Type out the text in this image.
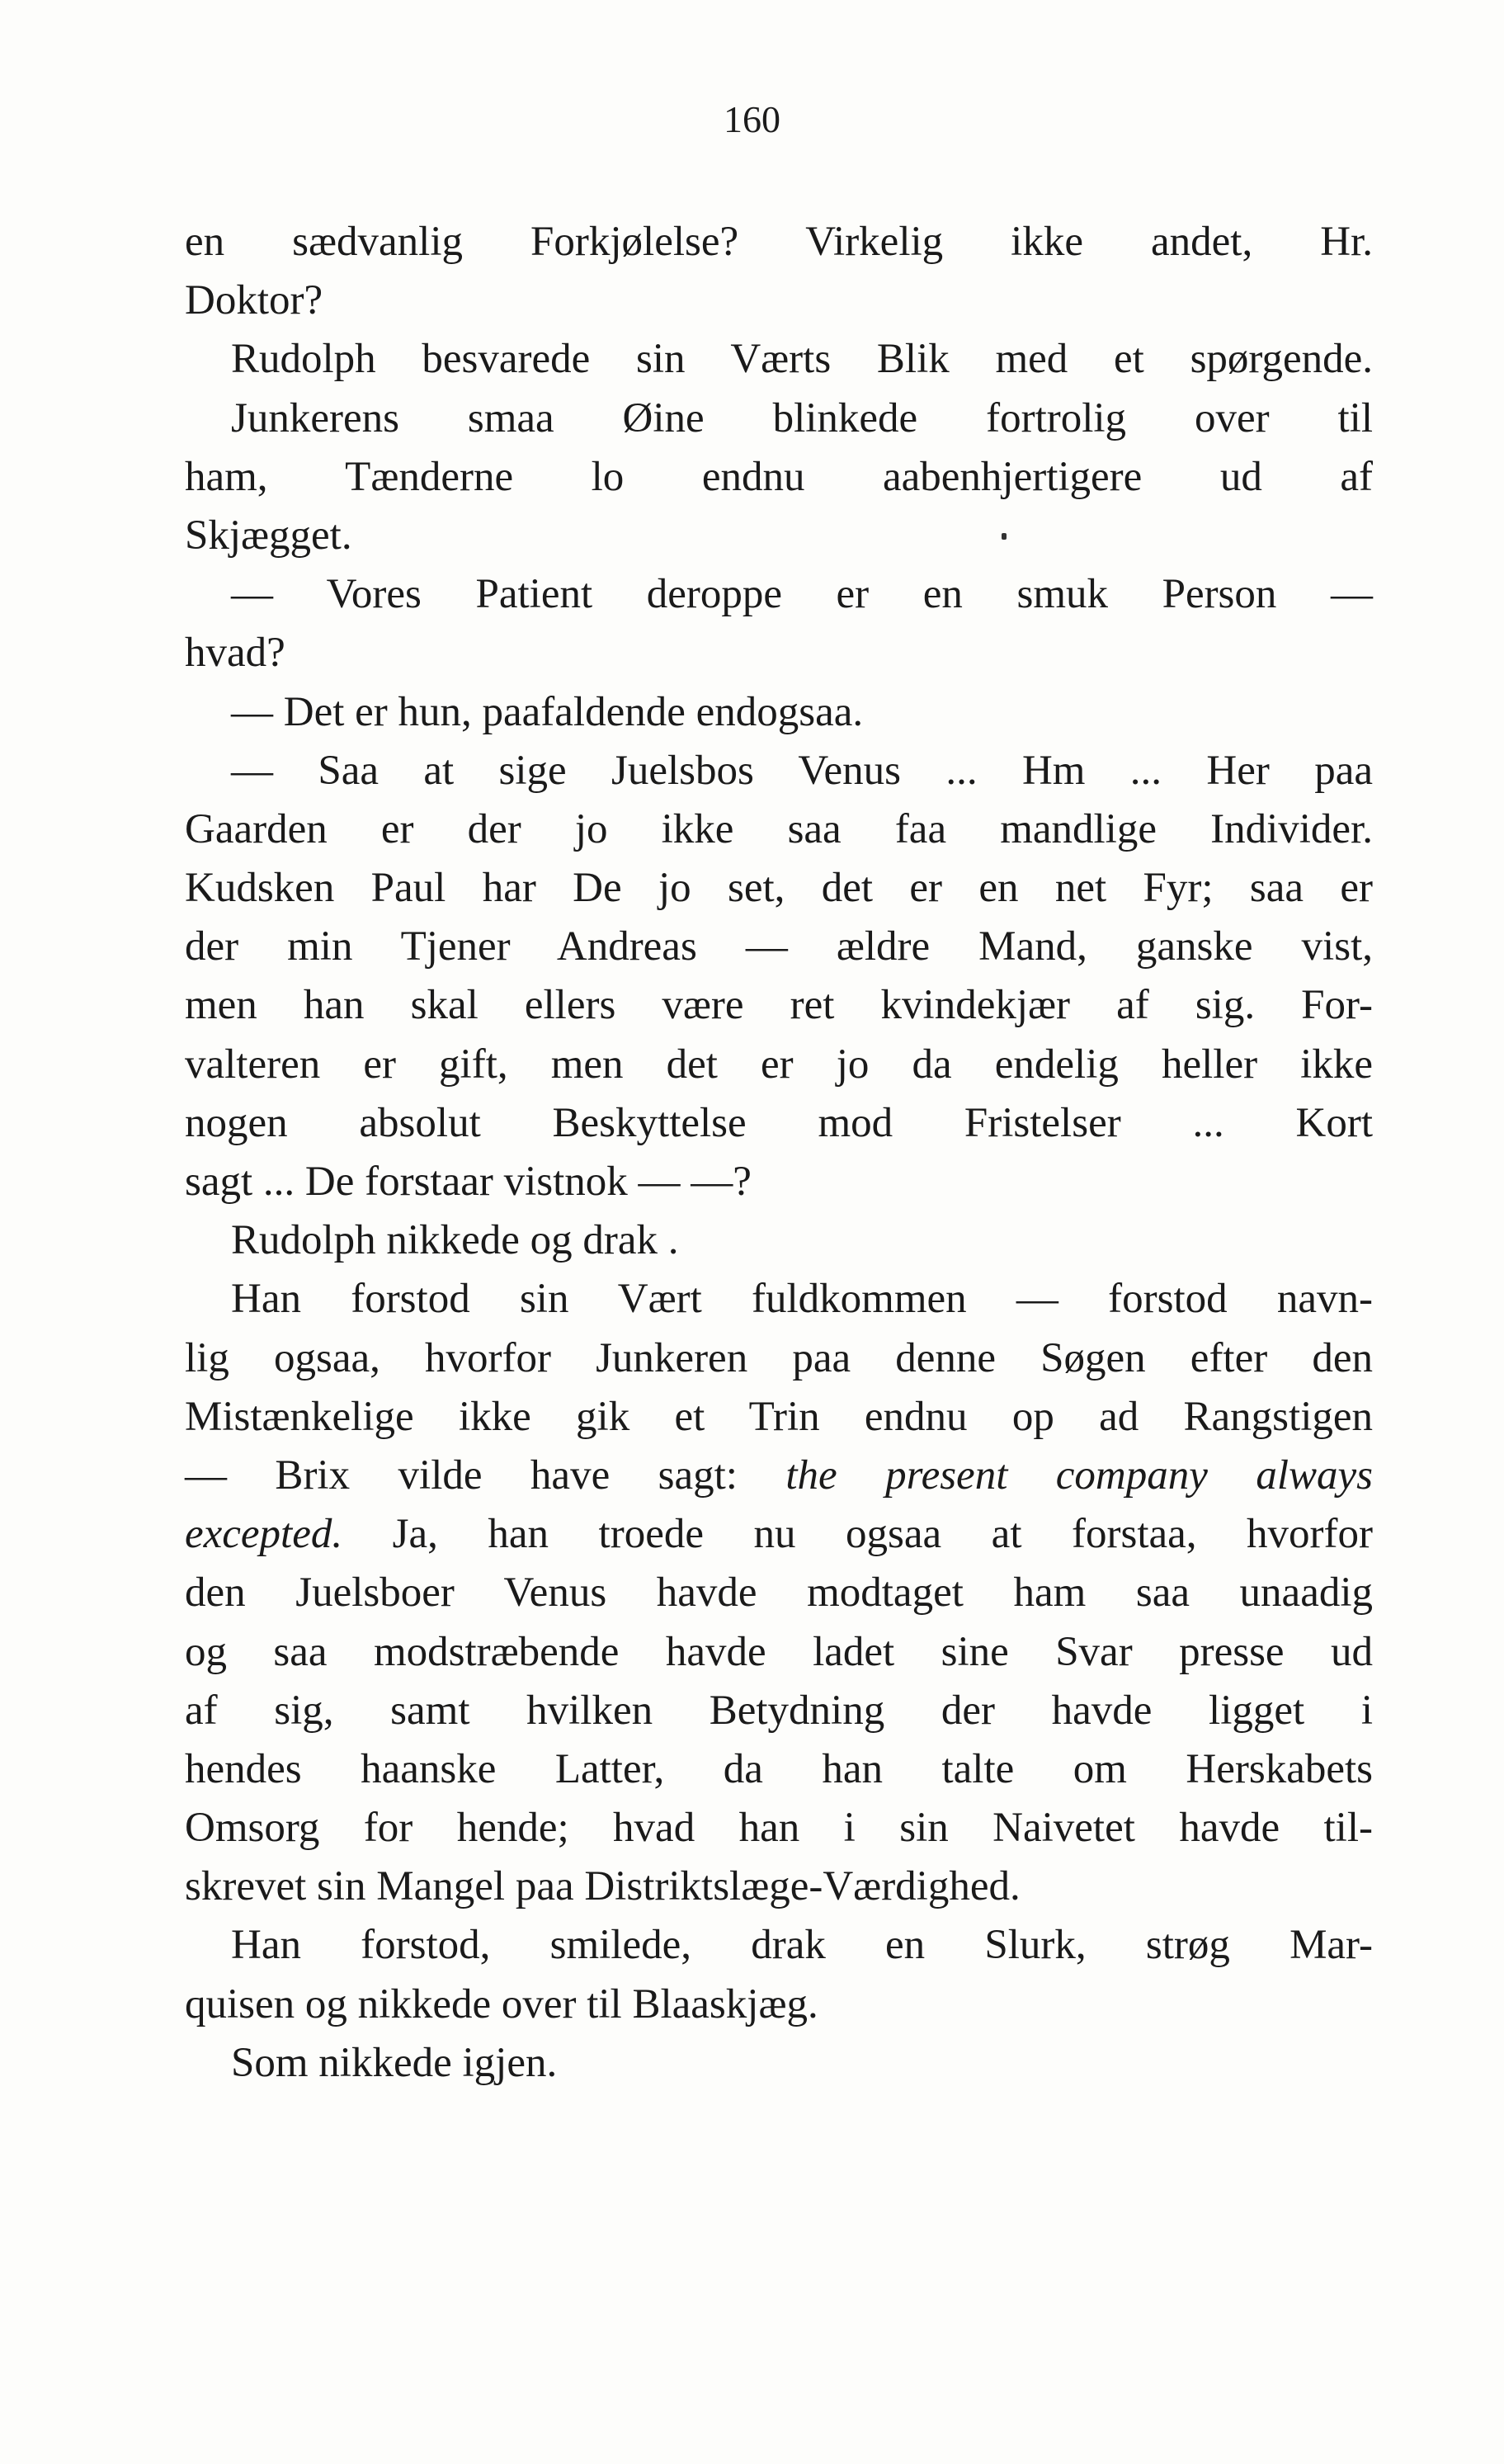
160
en sædvanlig Forkjølelse? Virkelig ikke andet, Hr.
Doktor?
Rudolph besvarede sin Værts Blik med et spørgende.
Junkerens smaa Øine blinkede fortrolig over til
ham, Tænderne lo endnu aabenhjertigere ud af
Skjægget.
— Vores Patient deroppe er en smuk Person —
hvad?
— Det er hun, paafaldende endogsaa.
— Saa at sige Juelsbos Venus ... Hm ... Her paa
Gaarden er der jo ikke saa faa mandlige Individer.
Kudsken Paul har De jo set, det er en net Fyr; saa er
der min Tjener Andreas — ældre Mand, ganske vist,
men han skal ellers være ret kvindekjær af sig. For-
valteren er gift, men det er jo da endelig heller ikke
nogen absolut Beskyttelse mod Fristelser ... Kort
sagt ... De forstaar vistnok — —?
Rudolph nikkede og drak .
Han forstod sin Vært fuldkommen — forstod navn-
lig ogsaa, hvorfor Junkeren paa denne Søgen efter den
Mistænkelige ikke gik et Trin endnu op ad Rangstigen
— Brix vilde have sagt: the present company always
excepted. Ja, han troede nu ogsaa at forstaa, hvorfor
den Juelsboer Venus havde modtaget ham saa unaadig
og saa modstræbende havde ladet sine Svar presse ud
af sig, samt hvilken Betydning der havde ligget i
hendes haanske Latter, da han talte om Herskabets
Omsorg for hende; hvad han i sin Naivetet havde til-
skrevet sin Mangel paa Distriktslæge-Værdighed.
Han forstod, smilede, drak en Slurk, strøg Mar-
quisen og nikkede over til Blaaskjæg.
Som nikkede igjen.
